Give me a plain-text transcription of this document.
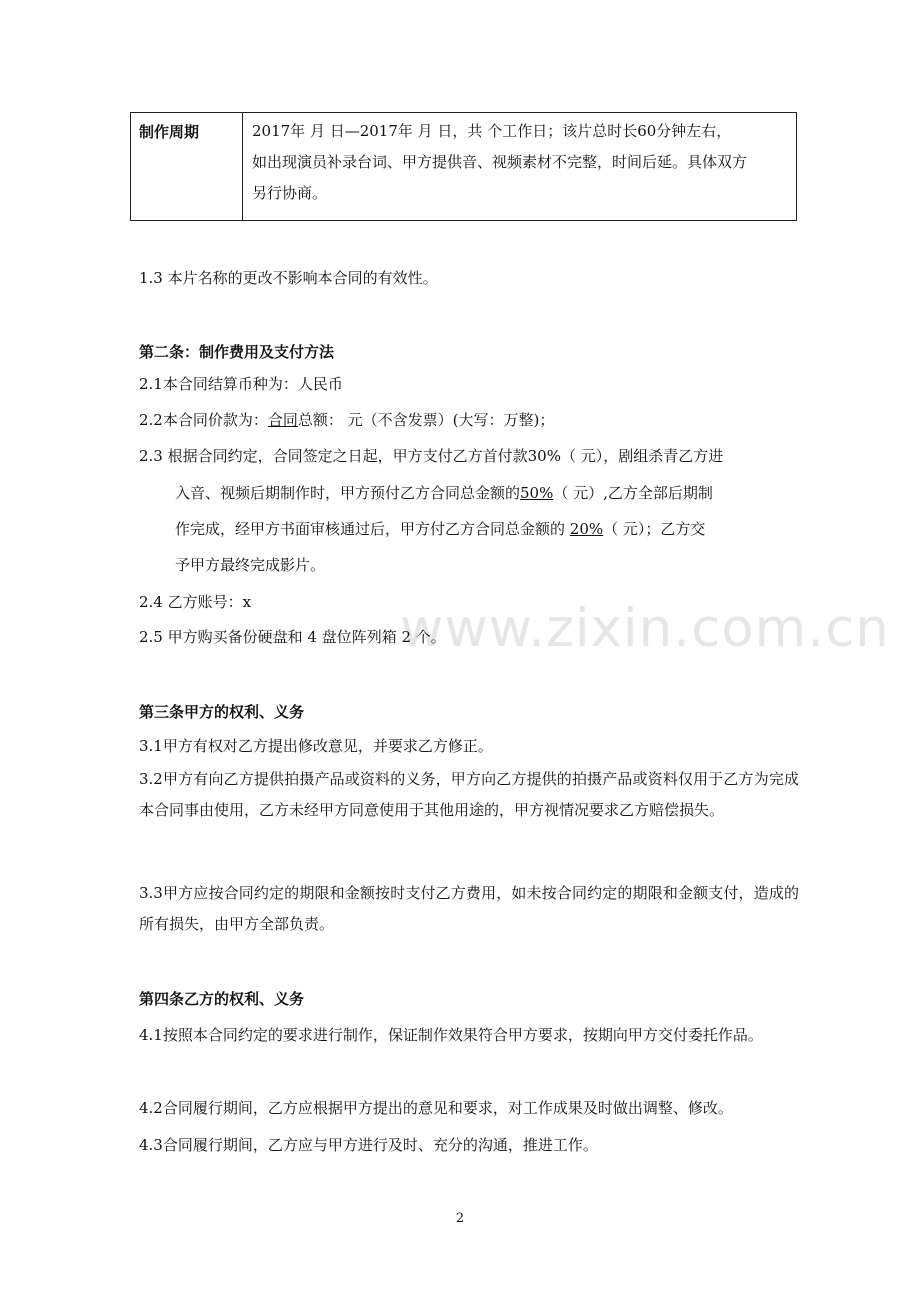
www.zixin.com.cn
制作周期	2017年 月 日—2017年 月 日，共 个工作日；该片总时长60分钟左右，
如出现演员补录台词、甲方提供音、视频素材不完整，时间后延。具体双方
另行协商。
1.3 本片名称的更改不影响本合同的有效性。
第二条：制作费用及支付方法
2.1本合同结算币种为：人民币
2.2本合同价款为：合同总额： 元（不含发票）(大写：万整)；
2.3 根据合同约定，合同签定之日起，甲方支付乙方首付款30%（ 元），剧组杀青乙方进
入音、视频后期制作时，甲方预付乙方合同总金额的50%（ 元）,乙方全部后期制
作完成，经甲方书面审核通过后，甲方付乙方合同总金额的 20%（ 元）；乙方交
予甲方最终完成影片。
2.4 乙方账号：x
2.5 甲方购买备份硬盘和 4 盘位阵列箱 2 个。
第三条甲方的权利、义务
3.1甲方有权对乙方提出修改意见，并要求乙方修正。
3.2甲方有向乙方提供拍摄产品或资料的义务，甲方向乙方提供的拍摄产品或资料仅用于乙方为完成本合同事由使用，乙方未经甲方同意使用于其他用途的，甲方视情况要求乙方赔偿损失。
3.3甲方应按合同约定的期限和金额按时支付乙方费用，如未按合同约定的期限和金额支付，造成的所有损失，由甲方全部负责。
第四条乙方的权利、义务
4.1按照本合同约定的要求进行制作，保证制作效果符合甲方要求，按期向甲方交付委托作品。
4.2合同履行期间，乙方应根据甲方提出的意见和要求，对工作成果及时做出调整、修改。
4.3合同履行期间，乙方应与甲方进行及时、充分的沟通，推进工作。
2
